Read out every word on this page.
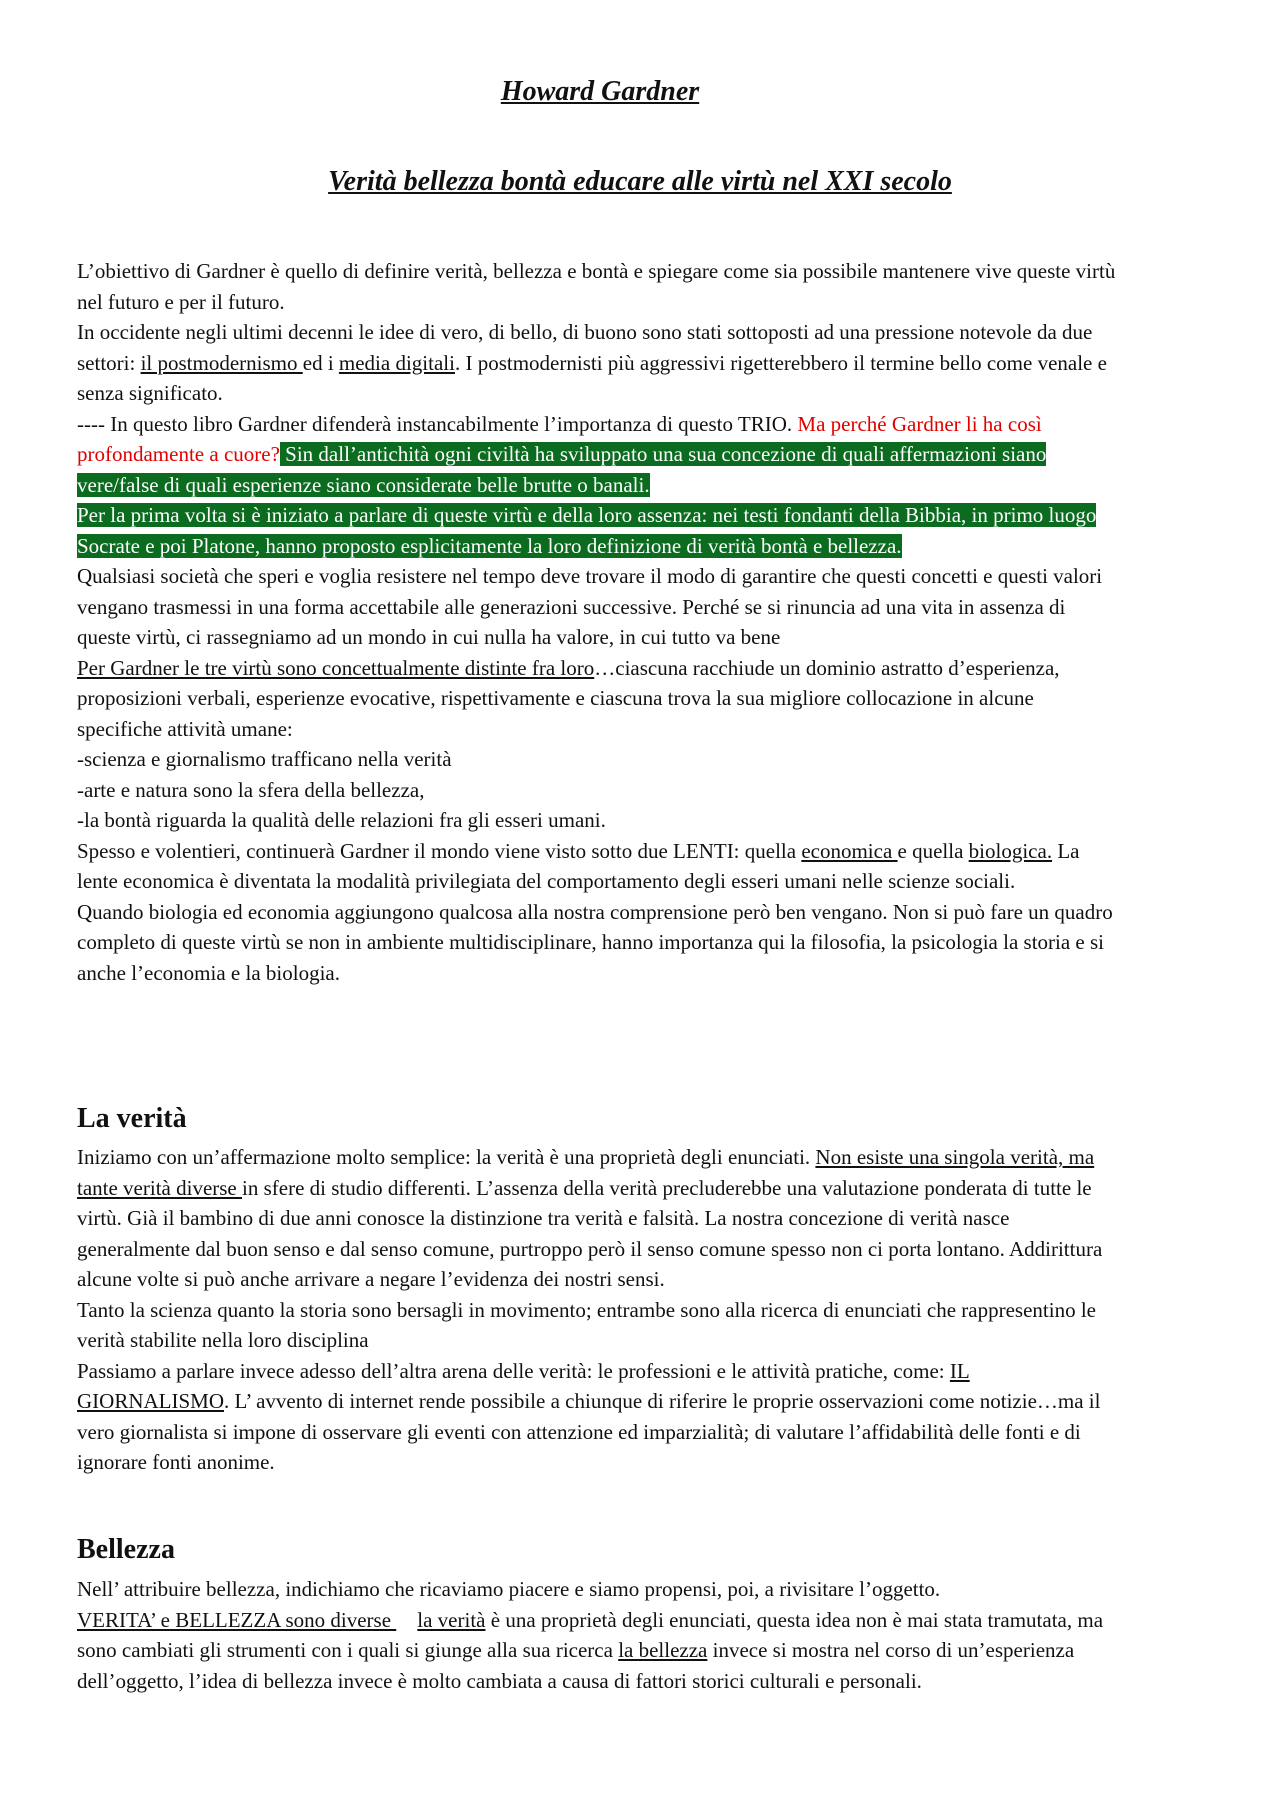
Howard Gardner
Verità bellezza bontà educare alle virtù nel XXI secolo

L’obiettivo di Gardner è quello di definire verità, bellezza e bontà e spiegare come sia possibile mantenere vive queste virtù nel futuro e per il futuro.

In occidente negli ultimi decenni le idee di vero, di bello, di buono sono stati sottoposti ad una pressione notevole da due settori: il postmodernismo ed i media digitali. I postmodernisti più aggressivi rigetterebbero il termine bello come venale e senza significato.

---- In questo libro Gardner difenderà instancabilmente l’importanza di questo TRIO. Ma perché Gardner li ha così profondamente a cuore? Sin dall’antichità ogni civiltà ha sviluppato una sua concezione di quali affermazioni siano vere/false di quali esperienze siano considerate belle brutte o banali.

Per la prima volta si è iniziato a parlare di queste virtù e della loro assenza: nei testi fondanti della Bibbia, in primo luogo Socrate e poi Platone, hanno proposto esplicitamente la loro definizione di verità bontà e bellezza.

Qualsiasi società che speri e voglia resistere nel tempo deve trovare il modo di garantire che questi concetti e questi valori vengano trasmessi in una forma accettabile alle generazioni successive. Perché se si rinuncia ad una vita in assenza di queste virtù, ci rassegniamo ad un mondo in cui nulla ha valore, in cui tutto va bene

Per Gardner le tre virtù sono concettualmente distinte fra loro…ciascuna racchiude un dominio astratto d’esperienza, proposizioni verbali, esperienze evocative, rispettivamente e ciascuna trova la sua migliore collocazione in alcune specifiche attività umane:

-scienza e giornalismo trafficano nella verità

-arte e natura sono la sfera della bellezza,

-la bontà riguarda la qualità delle relazioni fra gli esseri umani.

Spesso e volentieri, continuerà Gardner il mondo viene visto sotto due LENTI: quella economica e quella biologica. La lente economica è diventata la modalità privilegiata del comportamento degli esseri umani nelle scienze sociali.

Quando biologia ed economia aggiungono qualcosa alla nostra comprensione però ben vengano. Non si può fare un quadro completo di queste virtù se non in ambiente multidisciplinare, hanno importanza qui la filosofia, la psicologia la storia e si anche l’economia e la biologia.

La verità

Iniziamo con un’affermazione molto semplice: la verità è una proprietà degli enunciati. Non esiste una singola verità, ma tante verità diverse in sfere di studio differenti. L’assenza della verità precluderebbe una valutazione ponderata di tutte le virtù. Già il bambino di due anni conosce la distinzione tra verità e falsità. La nostra concezione di verità nasce generalmente dal buon senso e dal senso comune, purtroppo però il senso comune spesso non ci porta lontano. Addirittura alcune volte si può anche arrivare a negare l’evidenza dei nostri sensi.

Tanto la scienza quanto la storia sono bersagli in movimento; entrambe sono alla ricerca di enunciati che rappresentino le verità stabilite nella loro disciplina

Passiamo a parlare invece adesso dell’altra arena delle verità: le professioni e le attività pratiche, come: IL GIORNALISMO. L’ avvento di internet rende possibile a chiunque di riferire le proprie osservazioni come notizie…ma il vero giornalista si impone di osservare gli eventi con attenzione ed imparzialità; di valutare l’affidabilità delle fonti e di ignorare fonti anonime.

Bellezza

Nell’ attribuire bellezza, indichiamo che ricaviamo piacere e siamo propensi, poi, a rivisitare l’oggetto.

VERITA’ e BELLEZZA sono diverse     la verità è una proprietà degli enunciati, questa idea non è mai stata tramutata, ma sono cambiati gli strumenti con i quali si giunge alla sua ricerca la bellezza invece si mostra nel corso di un’esperienza dell’oggetto, l’idea di bellezza invece è molto cambiata a causa di fattori storici culturali e personali.
